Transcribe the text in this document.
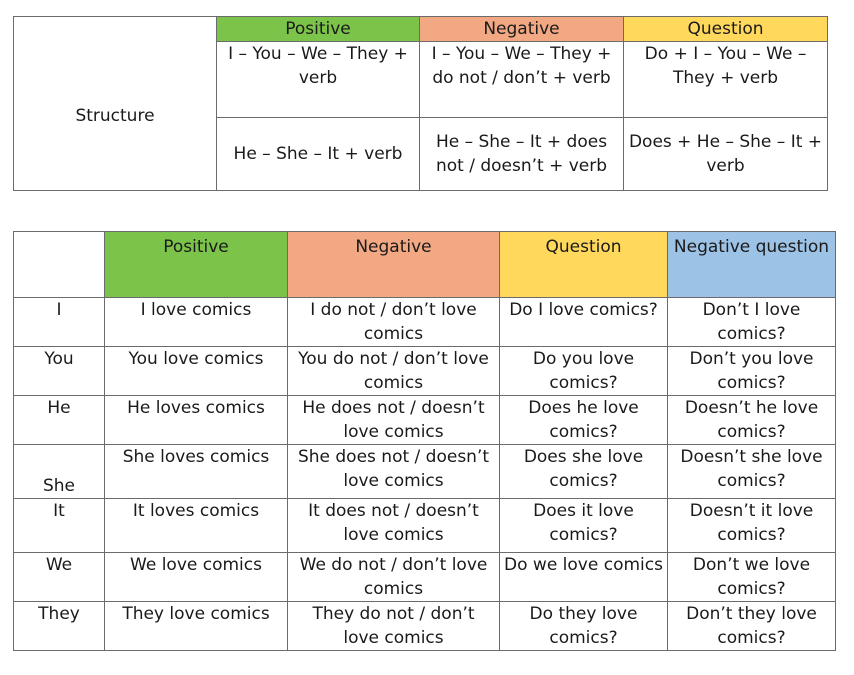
	Positive	Negative	Question
Structure	I – You – We – They + verb	I – You – We – They + do not / don’t + verb	Do + I – You – We – They + verb
	He – She – It + verb	He – She – It + does not / doesn’t + verb	Does + He – She – It + verb
	Positive	Negative	Question	Negative question
I	I love comics	I do not / don’t love comics	Do I love comics?	Don’t I love comics?
You	You love comics	You do not / don’t love comics	Do you love comics?	Don’t you love comics?
He	He loves comics	He does not / doesn’t love comics	Does he love comics?	Doesn’t he love comics?
She	She loves comics	She does not / doesn’t love comics	Does she love comics?	Doesn’t she love comics?
It	It loves comics	It does not / doesn’t love comics	Does it love comics?	Doesn’t it love comics?
We	We love comics	We do not / don’t love comics	Do we love comics	Don’t we love comics?
They	They love comics	They do not / don’t love comics	Do they love comics?	Don’t they love comics?
